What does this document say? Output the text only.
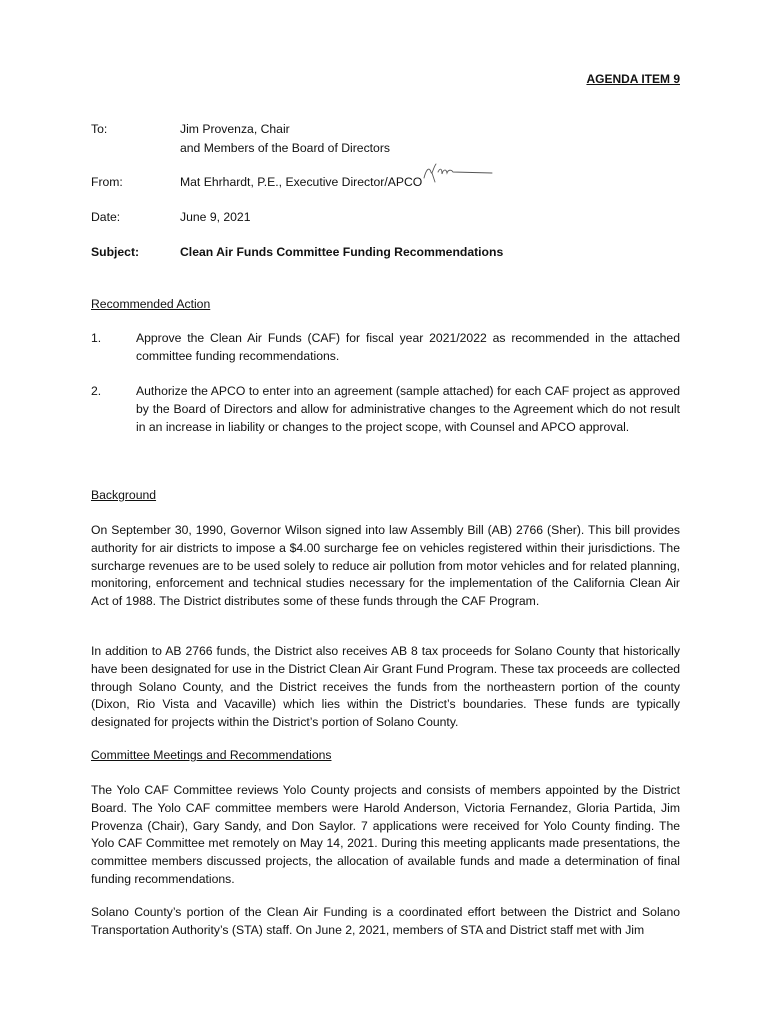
AGENDA ITEM 9
To:	Jim Provenza, Chair
and Members of the Board of Directors
From:	Mat Ehrhardt, P.E., Executive Director/APCO
Date:	June 9, 2021
Subject:	Clean Air Funds Committee Funding Recommendations
Recommended Action
1.	Approve the Clean Air Funds (CAF) for fiscal year 2021/2022 as recommended in the attached committee funding recommendations.
2.	Authorize the APCO to enter into an agreement (sample attached) for each CAF project as approved by the Board of Directors and allow for administrative changes to the Agreement which do not result in an increase in liability or changes to the project scope, with Counsel and APCO approval.
Background
On September 30, 1990, Governor Wilson signed into law Assembly Bill (AB) 2766 (Sher). This bill provides authority for air districts to impose a $4.00 surcharge fee on vehicles registered within their jurisdictions. The surcharge revenues are to be used solely to reduce air pollution from motor vehicles and for related planning, monitoring, enforcement and technical studies necessary for the implementation of the California Clean Air Act of 1988. The District distributes some of these funds through the CAF Program.
In addition to AB 2766 funds, the District also receives AB 8 tax proceeds for Solano County that historically have been designated for use in the District Clean Air Grant Fund Program. These tax proceeds are collected through Solano County, and the District receives the funds from the northeastern portion of the county (Dixon, Rio Vista and Vacaville) which lies within the District’s boundaries. These funds are typically designated for projects within the District’s portion of Solano County.
Committee Meetings and Recommendations
The Yolo CAF Committee reviews Yolo County projects and consists of members appointed by the District Board. The Yolo CAF committee members were Harold Anderson, Victoria Fernandez, Gloria Partida, Jim Provenza (Chair), Gary Sandy, and Don Saylor. 7 applications were received for Yolo County finding. The Yolo CAF Committee met remotely on May 14, 2021. During this meeting applicants made presentations, the committee members discussed projects, the allocation of available funds and made a determination of final funding recommendations.
Solano County’s portion of the Clean Air Funding is a coordinated effort between the District and Solano Transportation Authority’s (STA) staff. On June 2, 2021, members of STA and District staff met with Jim
